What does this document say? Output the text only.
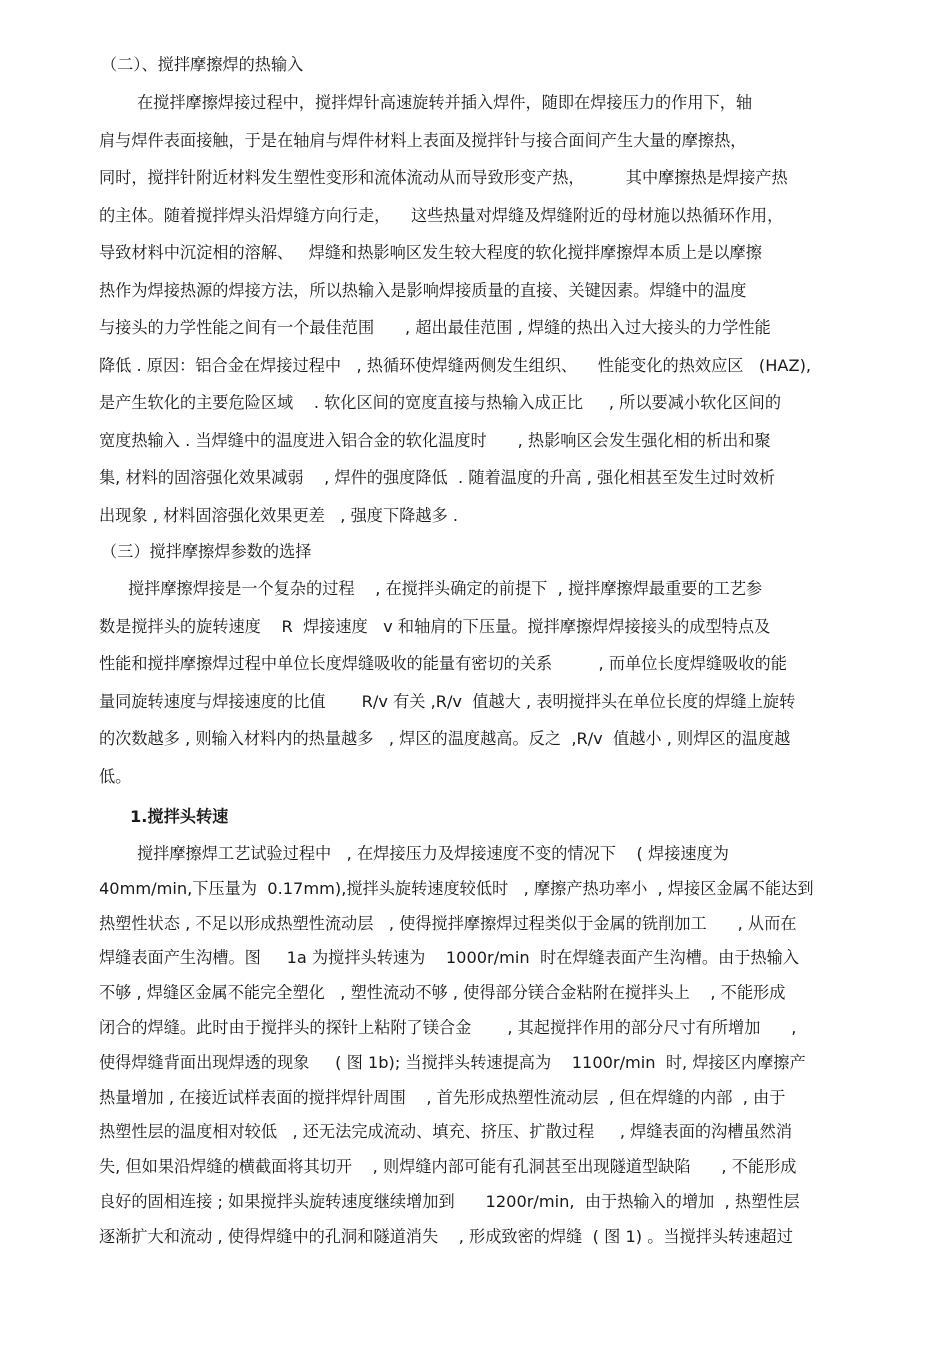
（二）、搅拌摩擦焊的热输入
在搅拌摩擦焊接过程中，搅拌焊针高速旋转并插入焊件，随即在焊接压力的作用下，轴
肩与焊件表面接触，于是在轴肩与焊件材料上表面及搅拌针与接合面间产生大量的摩擦热，
同时，搅拌针附近材料发生塑性变形和流体流动从而导致形变产热，        其中摩擦热是焊接产热
的主体。随着搅拌焊头沿焊缝方向行走，    这些热量对焊缝及焊缝附近的母材施以热循环作用，
导致材料中沉淀相的溶解、   焊缝和热影响区发生较大程度的软化搅拌摩擦焊本质上是以摩擦
热作为焊接热源的焊接方法，所以热输入是影响焊接质量的直接、关键因素。焊缝中的温度
与接头的力学性能之间有一个最佳范围      , 超出最佳范围 , 焊缝的热出入过大接头的力学性能
降低 . 原因：铝合金在焊接过程中   , 热循环使焊缝两侧发生组织、    性能变化的热效应区   (HAZ),
是产生软化的主要危险区域    . 软化区间的宽度直接与热输入成正比     , 所以要减小软化区间的
宽度热输入 . 当焊缝中的温度进入铝合金的软化温度时      , 热影响区会发生强化相的析出和聚
集, 材料的固溶强化效果减弱    , 焊件的强度降低  . 随着温度的升高 , 强化相甚至发生过时效析
出现象 , 材料固溶强化效果更差   , 强度下降越多 .
（三）搅拌摩擦焊参数的选择
搅拌摩擦焊接是一个复杂的过程    , 在搅拌头确定的前提下  , 搅拌摩擦焊最重要的工艺参
数是搅拌头的旋转速度    R  焊接速度   v 和轴肩的下压量。搅拌摩擦焊焊接接头的成型特点及
性能和搅拌摩擦焊过程中单位长度焊缝吸收的能量有密切的关系         , 而单位长度焊缝吸收的能
量同旋转速度与焊接速度的比值       R/v 有关 ,R/v  值越大 , 表明搅拌头在单位长度的焊缝上旋转
的次数越多 , 则输入材料内的热量越多   , 焊区的温度越高。反之  ,R/v  值越小 , 则焊区的温度越
低。
1.搅拌头转速
搅拌摩擦焊工艺试验过程中   , 在焊接压力及焊接速度不变的情况下    ( 焊接速度为
40mm/min,下压量为  0.17mm),搅拌头旋转速度较低时   , 摩擦产热功率小  , 焊接区金属不能达到
热塑性状态 , 不足以形成热塑性流动层   , 使得搅拌摩擦焊过程类似于金属的铣削加工      , 从而在
焊缝表面产生沟槽。图     1a 为搅拌头转速为    1000r/min  时在焊缝表面产生沟槽。由于热输入
不够 , 焊缝区金属不能完全塑化   , 塑性流动不够 , 使得部分镁合金粘附在搅拌头上    , 不能形成
闭合的焊缝。此时由于搅拌头的探针上粘附了镁合金       , 其起搅拌作用的部分尺寸有所增加      ,
使得焊缝背面出现焊透的现象     ( 图 1b); 当搅拌头转速提高为    1100r/min  时, 焊接区内摩擦产
热量增加 , 在接近试样表面的搅拌焊针周围    , 首先形成热塑性流动层  , 但在焊缝的内部  , 由于
热塑性层的温度相对较低   , 还无法完成流动、填充、挤压、扩散过程     , 焊缝表面的沟槽虽然消
失, 但如果沿焊缝的横截面将其切开    , 则焊缝内部可能有孔洞甚至出现隧道型缺陷      , 不能形成
良好的固相连接 ; 如果搅拌头旋转速度继续增加到      1200r/min,  由于热输入的增加  , 热塑性层
逐渐扩大和流动 , 使得焊缝中的孔洞和隧道消失    , 形成致密的焊缝  ( 图 1) 。当搅拌头转速超过
